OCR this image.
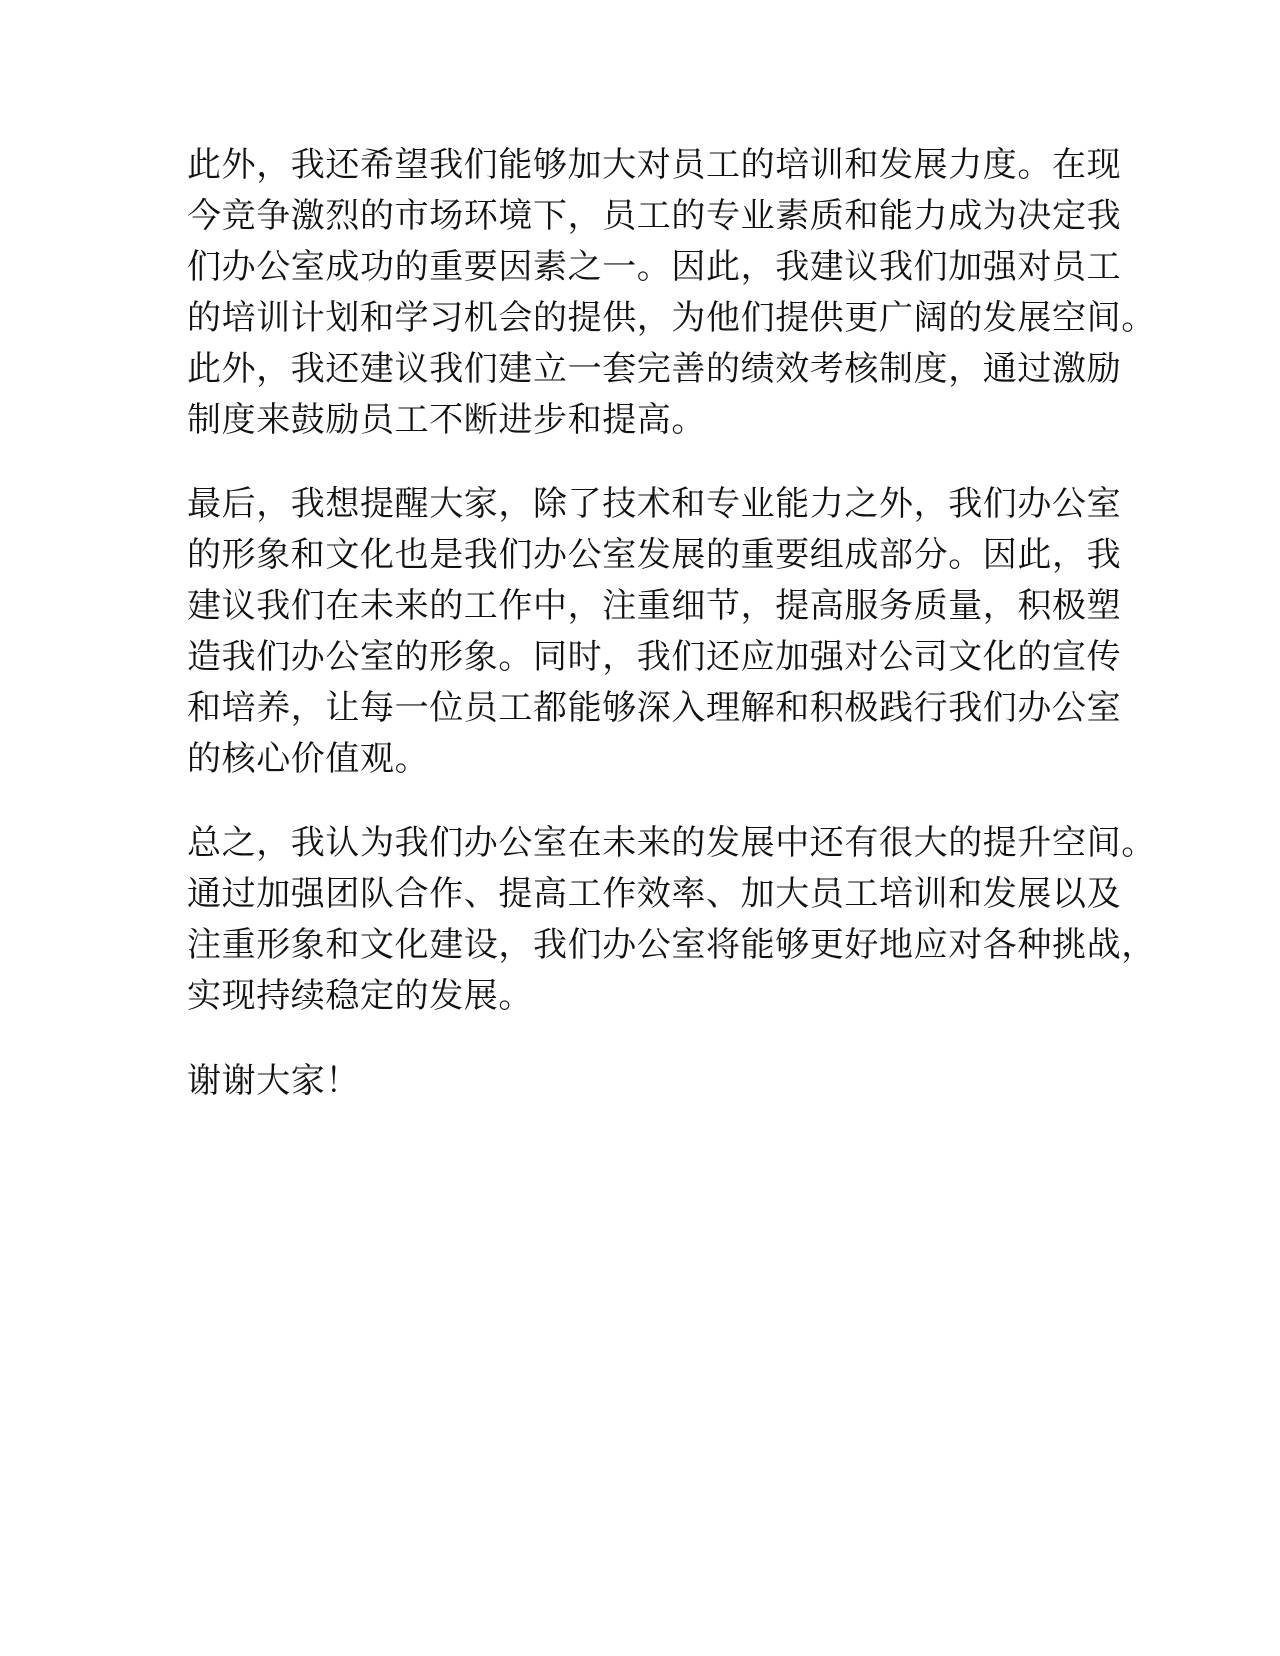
此外，我还希望我们能够加大对员工的培训和发展力度。在现
今竞争激烈的市场环境下，员工的专业素质和能力成为决定我
们办公室成功的重要因素之一。因此，我建议我们加强对员工
的培训计划和学习机会的提供，为他们提供更广阔的发展空间。
此外，我还建议我们建立一套完善的绩效考核制度，通过激励
制度来鼓励员工不断进步和提高。

最后，我想提醒大家，除了技术和专业能力之外，我们办公室
的形象和文化也是我们办公室发展的重要组成部分。因此，我
建议我们在未来的工作中，注重细节，提高服务质量，积极塑
造我们办公室的形象。同时，我们还应加强对公司文化的宣传
和培养，让每一位员工都能够深入理解和积极践行我们办公室
的核心价值观。

总之，我认为我们办公室在未来的发展中还有很大的提升空间。
通过加强团队合作、提高工作效率、加大员工培训和发展以及
注重形象和文化建设，我们办公室将能够更好地应对各种挑战，
实现持续稳定的发展。

谢谢大家！
